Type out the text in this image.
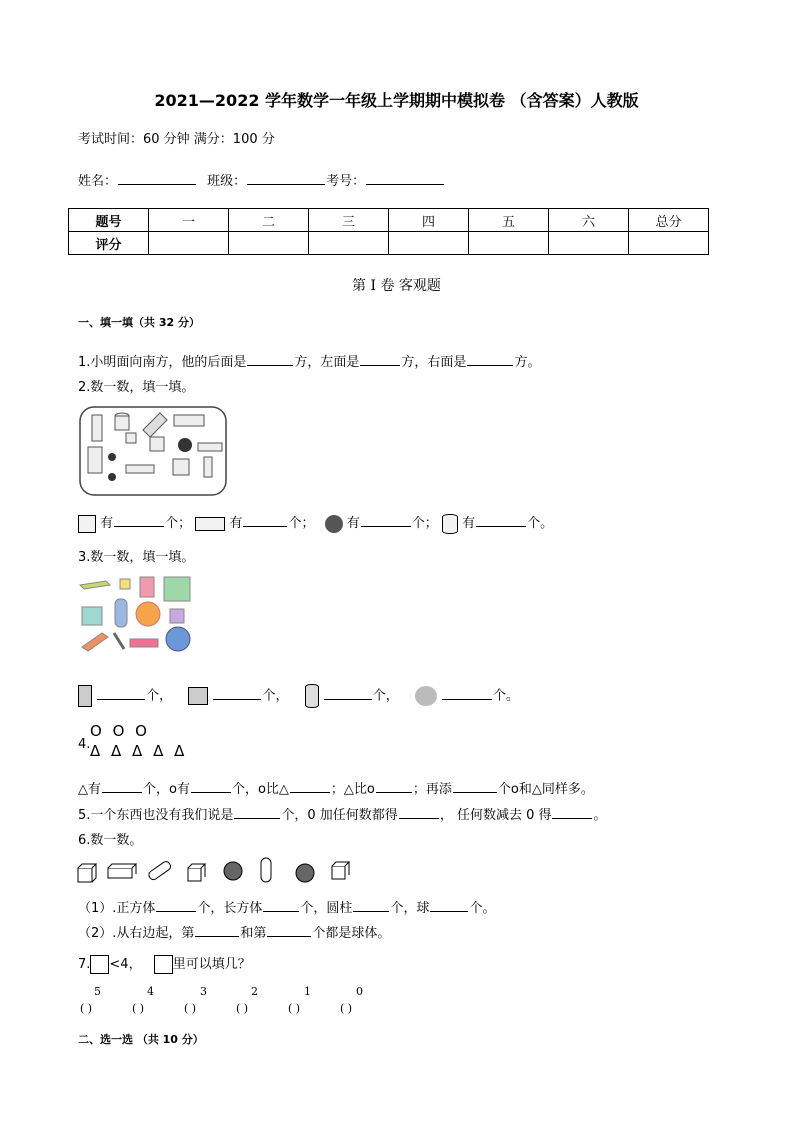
2021—2022 学年数学一年级上学期期中模拟卷 （含答案）人教版
考试时间：60 分钟 满分：100 分
姓名：	班级：	考号：
题号	一	二	三	四	五	六	总分
评分							
第 I 卷 客观题
一、填一填（共 32 分）
1.小明面向南方，他的后面是	方，左面是	方，右面是	方。
2.数一数，填一填。
有	个；	有	个； 有	个； 有	个。
3.数一数，填一填。
个，	个，	个，	个。
O O O
4. Δ Δ Δ Δ Δ
△有	个，o有	个，o比△	；△比o	；再添	个o和△同样多。
5.一个东西也没有我们说是	个，0 加任何数都得	， 任何数减去 0 得	。
6.数一数。
（1）.正方体	个，长方体	个，圆柱	个，球	个。
（2）.从右边起，第	和第	个都是球体。
7. <4， 里可以填几？
5	4	3	2	1	0
( )	( )	( )	( )	( )	( )
二、选一选 （共 10 分）
